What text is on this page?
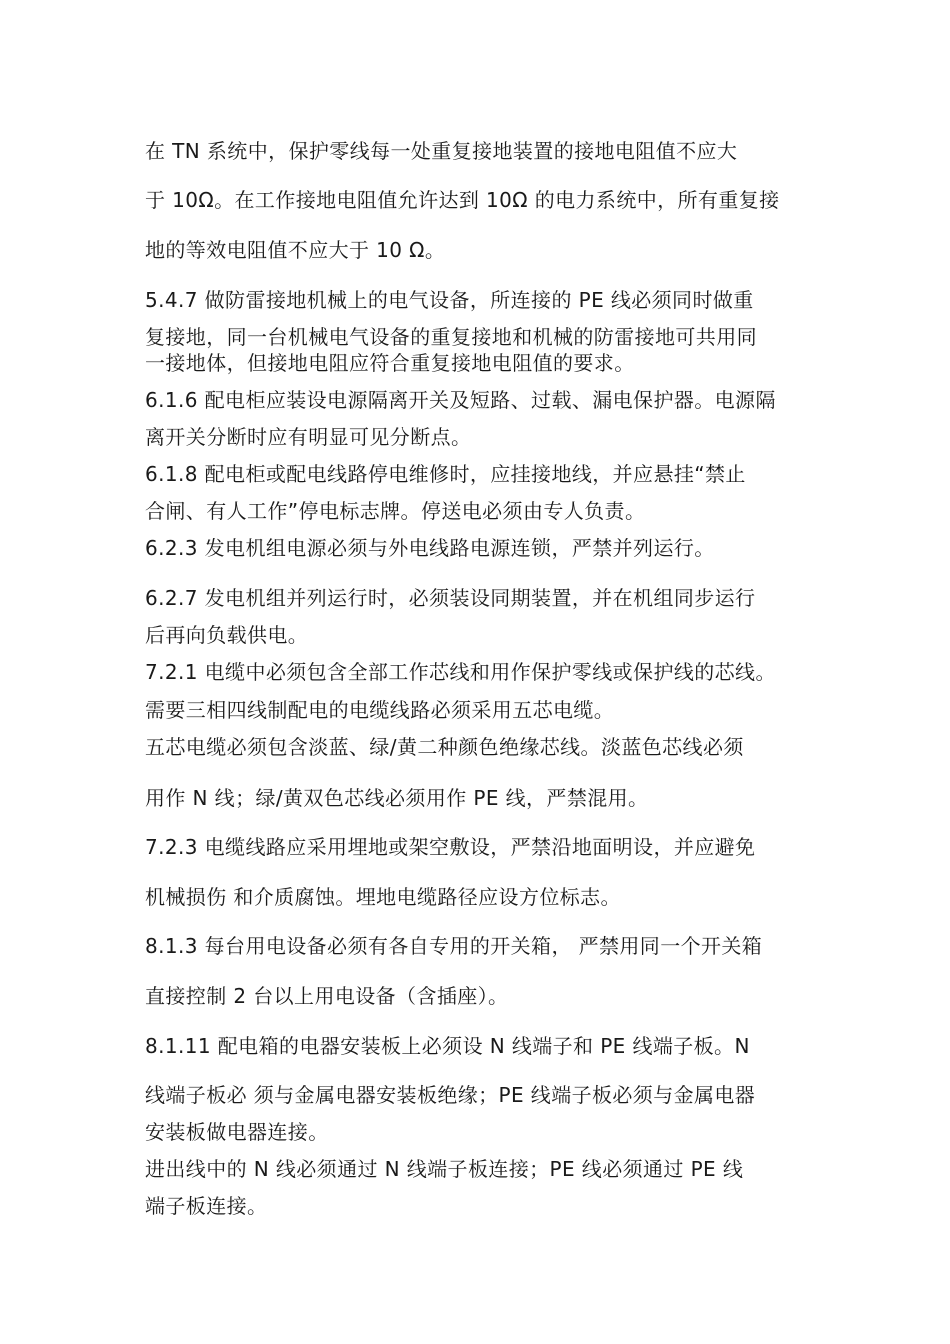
在 TN 系统中，保护零线每一处重复接地装置的接地电阻值不应大
于 10Ω。在工作接地电阻值允许达到 10Ω 的电力系统中，所有重复接
地的等效电阻值不应大于 10 Ω。
5.4.7 做防雷接地机械上的电气设备，所连接的 PE 线必须同时做重
复接地，同一台机械电气设备的重复接地和机械的防雷接地可共用同
一接地体，但接地电阻应符合重复接地电阻值的要求。
6.1.6 配电柜应装设电源隔离开关及短路、过载、漏电保护器。电源隔
离开关分断时应有明显可见分断点。
6.1.8 配电柜或配电线路停电维修时，应挂接地线，并应悬挂“禁止
合闸、有人工作”停电标志牌。停送电必须由专人负责。
6.2.3 发电机组电源必须与外电线路电源连锁，严禁并列运行。
6.2.7 发电机组并列运行时，必须装设同期装置，并在机组同步运行
后再向负载供电。
7.2.1 电缆中必须包含全部工作芯线和用作保护零线或保护线的芯线。
需要三相四线制配电的电缆线路必须采用五芯电缆。
五芯电缆必须包含淡蓝、绿/黄二种颜色绝缘芯线。淡蓝色芯线必须
用作 N 线；绿/黄双色芯线必须用作 PE 线，严禁混用。
7.2.3 电缆线路应采用埋地或架空敷设，严禁沿地面明设，并应避免
机械损伤 和介质腐蚀。埋地电缆路径应设方位标志。
8.1.3 每台用电设备必须有各自专用的开关箱， 严禁用同一个开关箱
直接控制 2 台以上用电设备（含插座）。
8.1.11 配电箱的电器安装板上必须设 N 线端子和 PE 线端子板。N
线端子板必 须与金属电器安装板绝缘；PE 线端子板必须与金属电器
安装板做电器连接。
进出线中的 N 线必须通过 N 线端子板连接；PE 线必须通过 PE 线
端子板连接。
